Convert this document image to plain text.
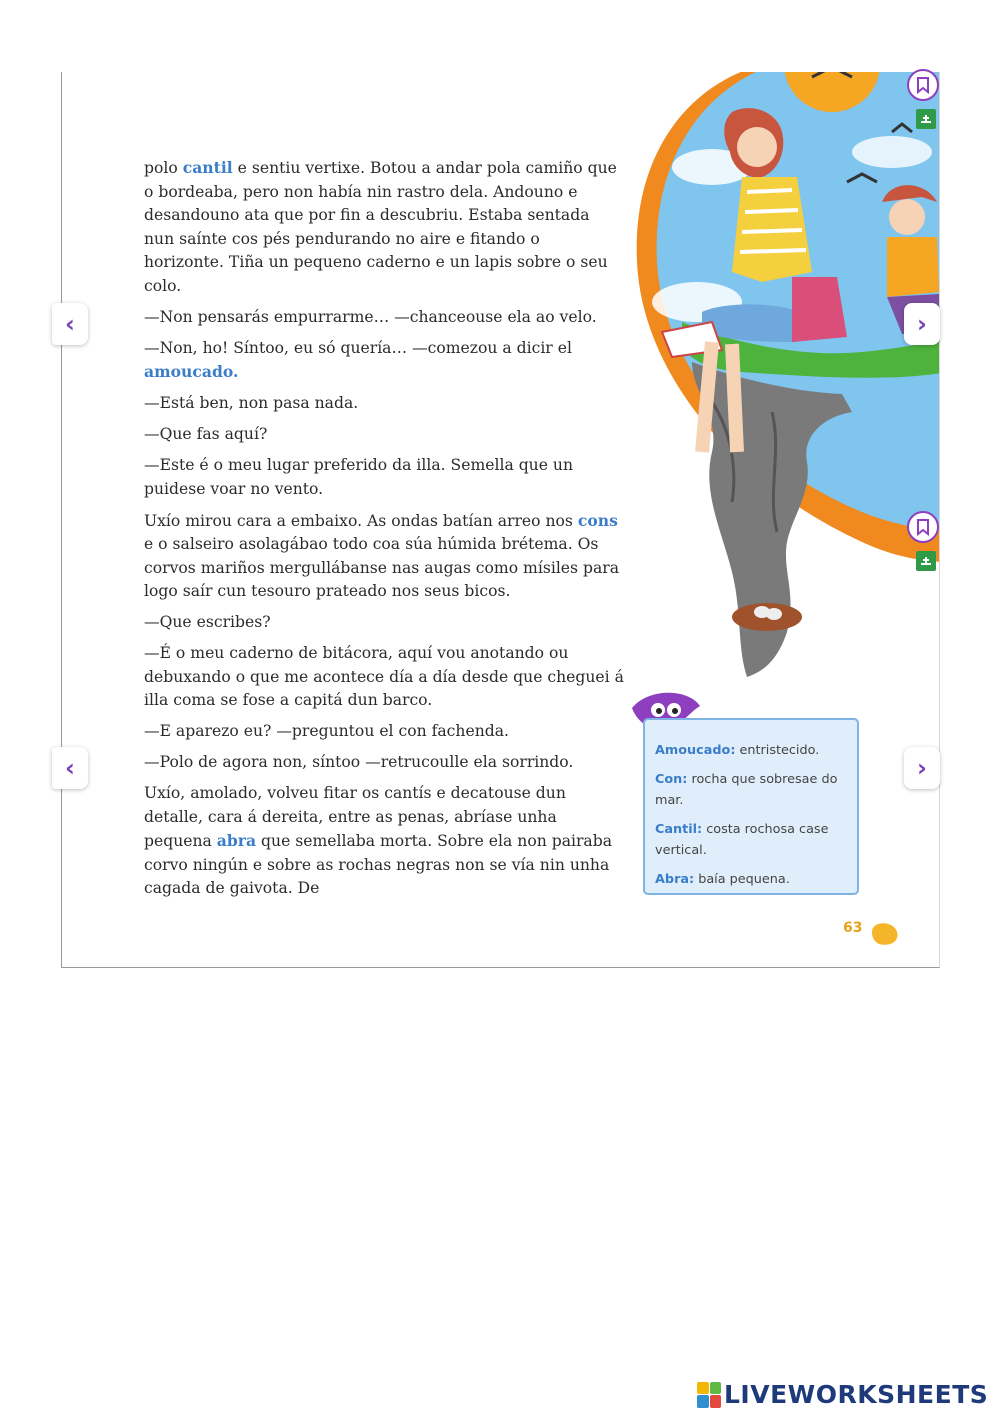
polo cantil e sentiu vertixe. Botou a andar pola camiño que o bordeaba, pero non había nin rastro dela. Andouno e desandouno ata que por fin a descubriu. Estaba sentada nun saínte cos pés pendurando no aire e fitando o horizonte. Tiña un pequeno caderno e un lapis sobre o seu colo.

—Non pensarás empurrarme… —chanceouse ela ao velo.

—Non, ho! Síntoo, eu só quería… —comezou a dicir el amoucado.

—Está ben, non pasa nada.

—Que fas aquí?

—Este é o meu lugar preferido da illa. Semella que un puidese voar no vento.

Uxío mirou cara a embaixo. As ondas batían arreo nos cons e o salseiro asolagábao todo coa súa húmida brétema. Os corvos mariños mergullábanse nas augas como mísiles para logo saír cun tesouro prateado nos seus bicos.

—Que escribes?

—É o meu caderno de bitácora, aquí vou anotando ou debuxando o que me acontece día a día desde que cheguei á illa coma se fose a capitá dun barco.

—E aparezo eu? —preguntou el con fachenda.

—Polo de agora non, síntoo —retrucoulle ela sorrindo.

Uxío, amolado, volveu fitar os cantís e decatouse dun detalle, cara á dereita, entre as penas, abríase unha pequena abra que semellaba morta. Sobre ela non pairaba corvo ningún e sobre as rochas negras non se vía nin unha cagada de gaivota. De

Amoucado: entristecido.
Con: rocha que sobresae do mar.
Cantil: costa rochosa case vertical.
Abra: baía pequena.
63
‹	›
‹	›
LIVEWORKSHEETS
